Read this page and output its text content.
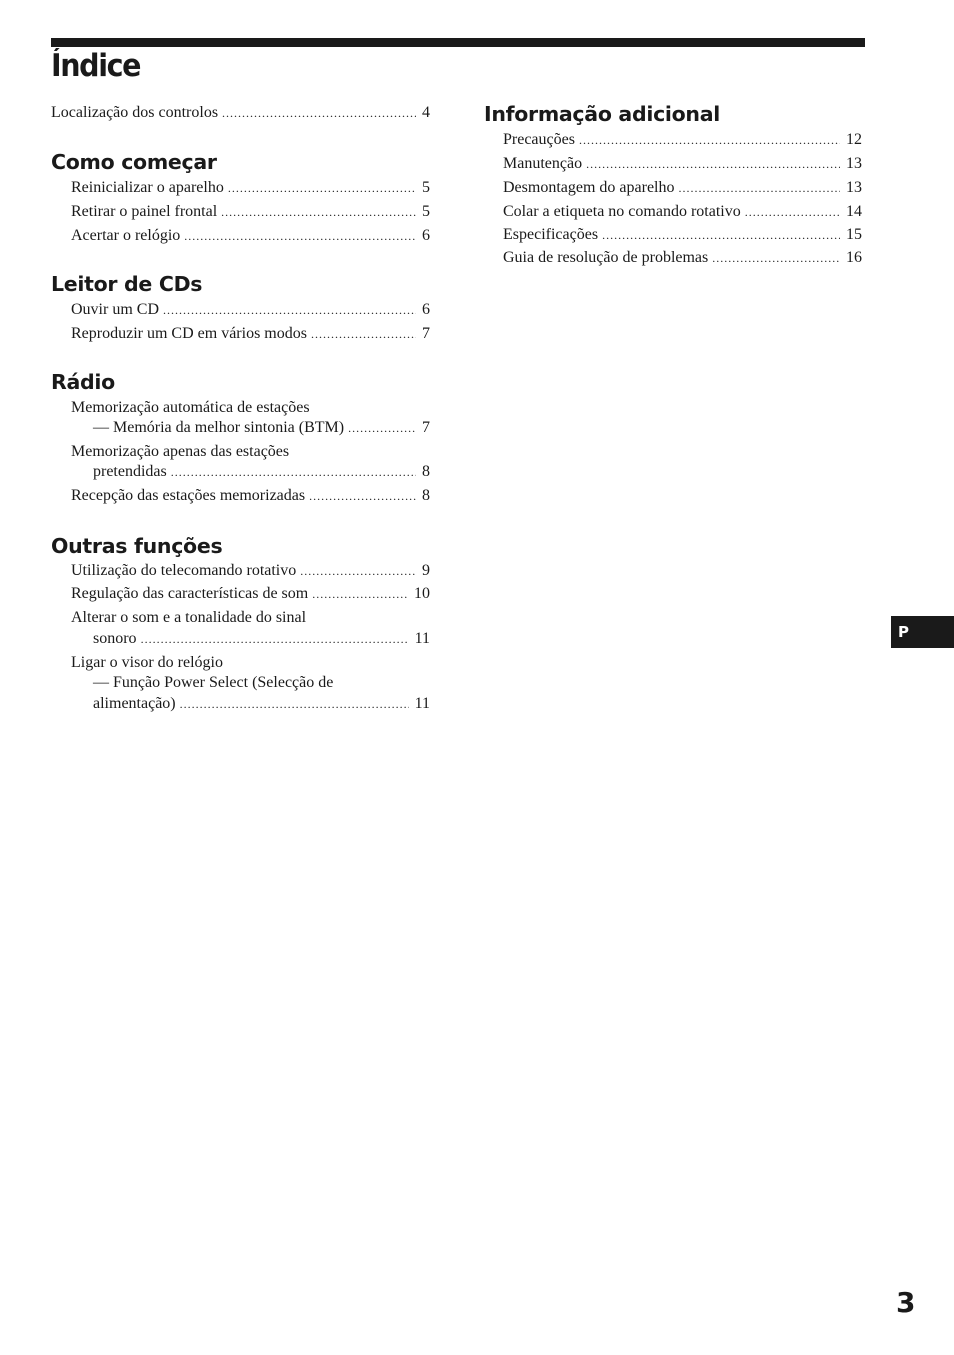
Índice
Localização dos controlos .....	4
Como começar
Reinicializar o aparelho .....	5
Retirar o painel frontal .....	5
Acertar o relógio .....	6
Leitor de CDs
Ouvir um CD .....	6
Reproduzir um CD em vários modos .....	7
Rádio
Memorização automática de estações
— Memória da melhor sintonia (BTM) .....	7
Memorização apenas das estações
pretendidas .....	8
Recepção das estações memorizadas .....	8
Outras funções
Utilização do telecomando rotativo .....	9
Regulação das características de som .....	10
Alterar o som e a tonalidade do sinal
sonoro .....	11
Ligar o visor do relógio
— Função Power Select (Selecção de
alimentação) .....	11
Informação adicional
Precauções .....	12
Manutenção .....	13
Desmontagem do aparelho .....	13
Colar a etiqueta no comando rotativo .....	14
Especificações .....	15
Guia de resolução de problemas .....	16
P
3
